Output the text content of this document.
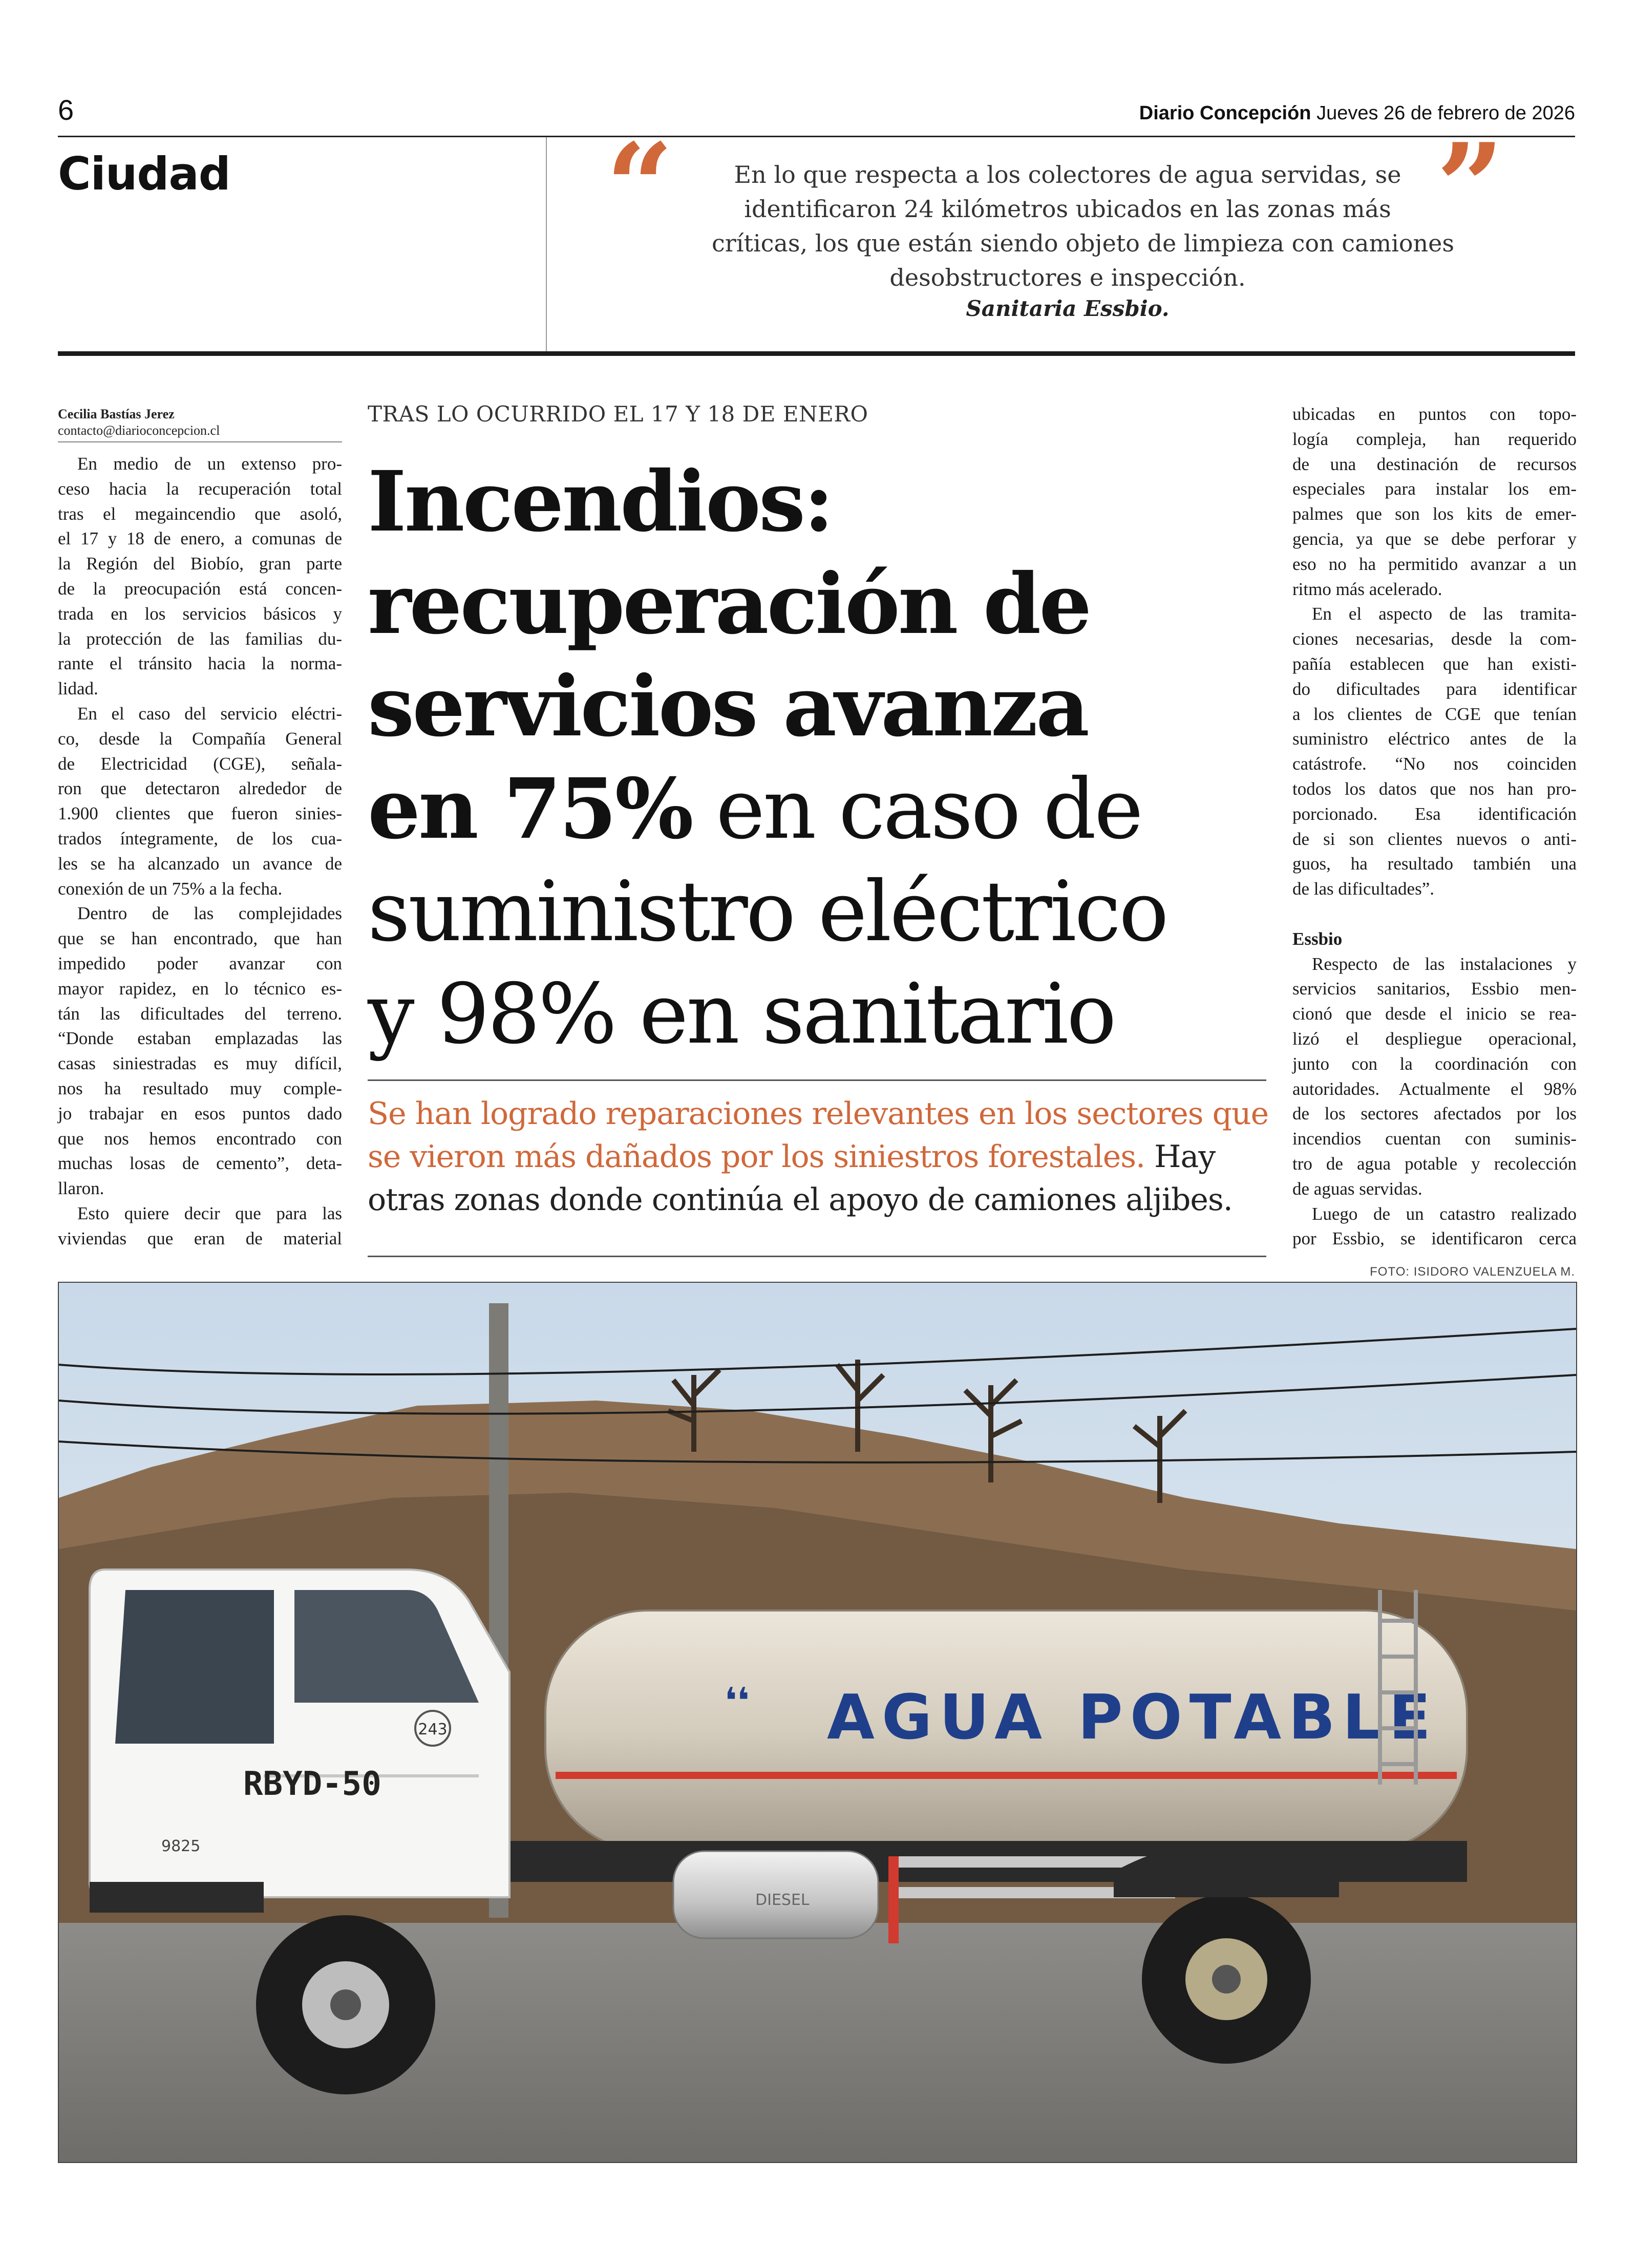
6	Diario Concepción Jueves 26 de febrero de 2026
Ciudad	“	En lo que respecta a los colectores de agua servidas, se
identificaron 24 kilómetros ubicados en las zonas más
críticas, los que están siendo objeto de limpieza con camiones
desobstructores e inspección.
Sanitaria Essbio.
”
Cecilia Bastías Jerez
contacto@diarioconcepcion.cl
En medio de un extenso pro-
ceso hacia la recuperación total
tras el megaincendio que asoló,
el 17 y 18 de enero, a comunas de
la Región del Biobío, gran parte
de la preocupación está concen-
trada en los servicios básicos y
la protección de las familias du-
rante el tránsito hacia la norma-
lidad.
En el caso del servicio eléctri-
co, desde la Compañía General
de Electricidad (CGE), señala-
ron que detectaron alrededor de
1.900 clientes que fueron sinies-
trados íntegramente, de los cua-
les se ha alcanzado un avance de
conexión de un 75% a la fecha.
Dentro de las complejidades
que se han encontrado, que han
impedido poder avanzar con
mayor rapidez, en lo técnico es-
tán las dificultades del terreno.
“Donde estaban emplazadas las
casas siniestradas es muy difícil,
nos ha resultado muy comple-
jo trabajar en esos puntos dado
que nos hemos encontrado con
muchas losas de cemento”, deta-
llaron.
Esto quiere decir que para las
viviendas que eran de material
TRAS LO OCURRIDO EL 17 Y 18 DE ENERO
Incendios:
recuperación de
servicios avanza
en 75% en caso de
suministro eléctrico
y 98% en sanitario
Se han logrado reparaciones relevantes en los sectores que
se vieron más dañados por los siniestros forestales. Hay
otras zonas donde continúa el apoyo de camiones aljibes.
ubicadas en puntos con topo-
logía compleja, han requerido
de una destinación de recursos
especiales para instalar los em-
palmes que son los kits de emer-
gencia, ya que se debe perforar y
eso no ha permitido avanzar a un
ritmo más acelerado.
En el aspecto de las tramita-
ciones necesarias, desde la com-
pañía establecen que han existi-
do dificultades para identificar
a los clientes de CGE que tenían
suministro eléctrico antes de la
catástrofe. “No nos coinciden
todos los datos que nos han pro-
porcionado. Esa identificación
de si son clientes nuevos o anti-
guos, ha resultado también una
de las dificultades”.
Essbio
Respecto de las instalaciones y
servicios sanitarios, Essbio men-
cionó que desde el inicio se rea-
lizó el despliegue operacional,
junto con la coordinación con
autoridades. Actualmente el 98%
de los sectores afectados por los
incendios cuentan con suminis-
tro de agua potable y recolección
de aguas servidas.
Luego de un catastro realizado
por Essbio, se identificaron cerca
FOTO: ISIDORO VALENZUELA M.
AGUA POTABLE
❛❛
DIESEL
243
RBYD-50
9825
